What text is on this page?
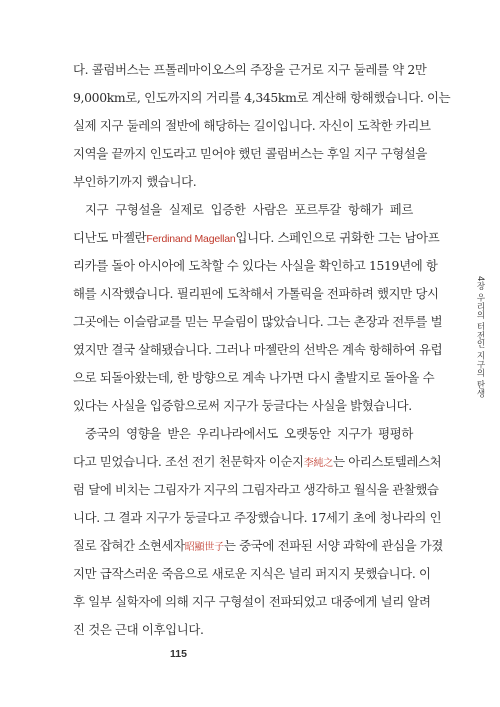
다. 콜럼버스는 프톨레마이오스의 주장을 근거로 지구 둘레를 약 2만
9,000km로, 인도까지의 거리를 4,345km로 계산해 항해했습니다. 이는
실제 지구 둘레의 절반에 해당하는 길이입니다. 자신이 도착한 카리브
지역을 끝까지 인도라고 믿어야 했던 콜럼버스는 후일 지구 구형설을
부인하기까지 했습니다.
지구 구형설을 실제로 입증한 사람은 포르투갈 항해가 페르
디난도 마젤란Ferdinand Magellan입니다. 스페인으로 귀화한 그는 남아프
리카를 돌아 아시아에 도착할 수 있다는 사실을 확인하고 1519년에 항
해를 시작했습니다. 필리핀에 도착해서 가톨릭을 전파하려 했지만 당시
그곳에는 이슬람교를 믿는 무슬림이 많았습니다. 그는 촌장과 전투를 벌
였지만 결국 살해됐습니다. 그러나 마젤란의 선박은 계속 항해하여 유럽
으로 되돌아왔는데, 한 방향으로 계속 나가면 다시 출발지로 돌아올 수
있다는 사실을 입증함으로써 지구가 둥글다는 사실을 밝혔습니다.
중국의 영향을 받은 우리나라에서도 오랫동안 지구가 평평하
다고 믿었습니다. 조선 전기 천문학자 이순지李純之는 아리스토텔레스처
럼 달에 비치는 그림자가 지구의 그림자라고 생각하고 월식을 관찰했습
니다. 그 결과 지구가 둥글다고 주장했습니다. 17세기 초에 청나라의 인
질로 잡혀간 소현세자昭顯世子는 중국에 전파된 서양 과학에 관심을 가졌
지만 급작스러운 죽음으로 새로운 지식은 널리 퍼지지 못했습니다. 이
후 일부 실학자에 의해 지구 구형설이 전파되었고 대중에게 널리 알려
진 것은 근대 이후입니다.
4장 우리의 터전인 지구의 탄생
115
